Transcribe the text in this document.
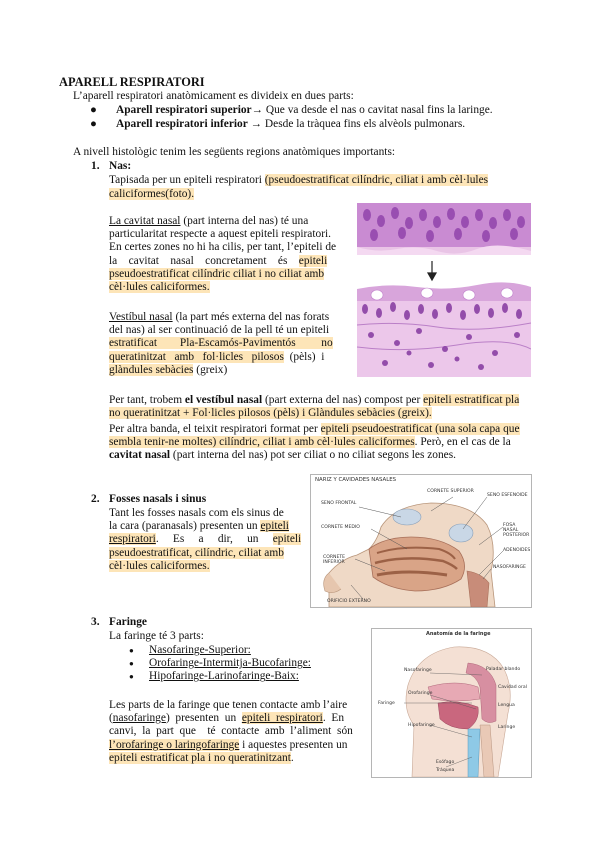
APARELL RESPIRATORI
L’aparell respiratori anatòmicament es divideix en dues parts:
● Aparell respiratori superior→ Que va desde el nas o cavitat nasal fins la laringe.
● Aparell respiratori inferior → Desde la tràquea fins els alvèols pulmonars.
A nivell histològic tenim les següents regions anatòmiques importants:
1. Nas:
Tapisada per un epiteli respiratori (pseudoestratificat cilíndric, ciliat i amb cèl·lules
caliciformes(foto).
La cavitat nasal (part interna del nas) té una
particularitat respecte a aquest epiteli respiratori.
En certes zones no hi ha cilis, per tant, l’epiteli de
la    cavitat    nasal    concretament    és    epiteli
pseudoestratificat cilíndric ciliat i no ciliat amb
cèl·lules caliciformes.
Vestíbul nasal (la part més externa del nas forats
del nas) al ser continuació de la pell té un epiteli
estratificat        Pla-Escamós-Pavimentós         no
queratinitzat   amb   fol·licles   pilosos  (pèls)  i
glàndules sebàcies (greix)
Per tant, trobem el vestíbul nasal (part externa del nas) compost per epiteli estratificat pla
no queratinitzat + Fol·licles pilosos (pèls) i Glàndules sebàcies (greix).
Per altra banda, el teixit respiratori format per epiteli pseudoestratificat (una sola capa que
sembla tenir-ne moltes) cilíndric, ciliat i amb cèl·lules caliciformes. Però, en el cas de la
cavitat nasal (part interna del nas) pot ser ciliat o no ciliat segons les zones.
2. Fosses nasals i sinus
Tant les fosses nasals com els sinus de
la cara (paranasals) presenten un epiteli
respiratori.     Es     a     dir,     un     epiteli
pseudoestratificat, cilíndric, ciliat amb
cèl·lules caliciformes.
NARIZ Y CAVIDADES NASALES
SENO FRONTAL
CORNETE SUPERIOR
SENO ESFENOIDE
CORNETE MEDIO	FOSA NASAL POSTERIOR
ADENOIDES
CORNETE INFERIOR
NASOFARINGE
ORIFICIO EXTERNO
3. Faringe
La faringe té 3 parts:
● Nasofaringe-Superior:
● Orofaringe-Intermitja-Bucofaringe:
● Hipofaringe-Larinofaringe-Baix:
Les parts de la faringe que tenen contacte amb l’aire
(nasofaringe)  presenten  un  epiteli  respiratori.  En
canvi,  la  part  que    té  contacte  amb  l’aliment  són
l’orofaringe o laringofaringe i aquestes presenten un
epiteli estratificat pla i no queratinitzant.
Anatomía de la faringe
Nasofaringe	Paladar blando
Orofaringe
Faringe
Hipofaringe
Cavidad oral
Lengua
Laringe
Esófago
Tráquea
